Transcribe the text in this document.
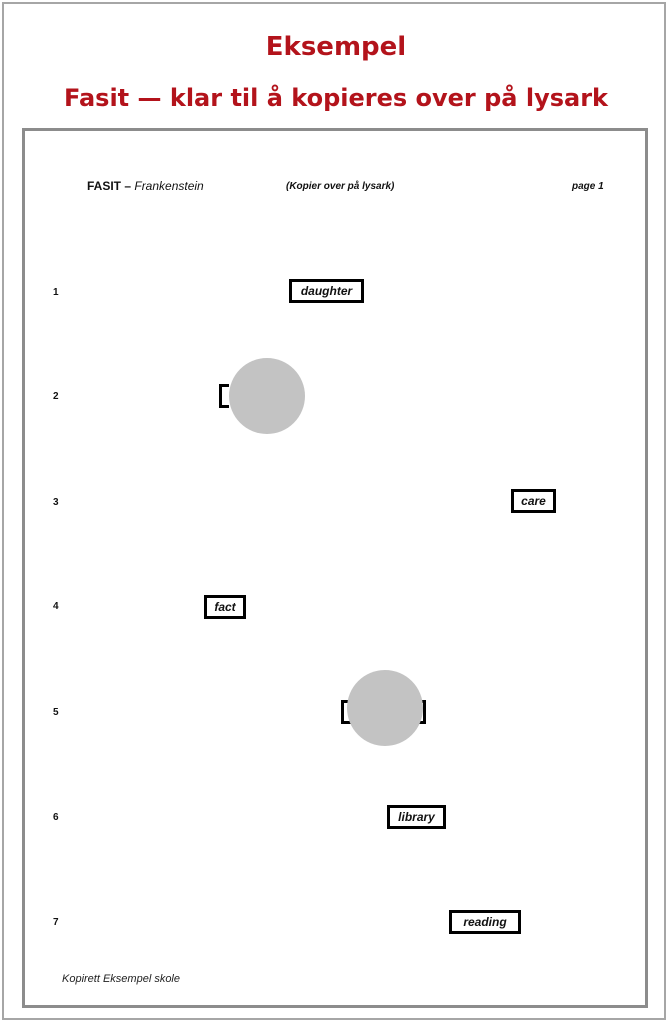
Eksempel
Fasit — klar til å kopieres over på lysark
FASIT – Frankenstein	(Kopier over på lysark)	page 1
1	daughter
2
3	care
4	fact
5
6	library
7	reading
Kopirett Eksempel skole
